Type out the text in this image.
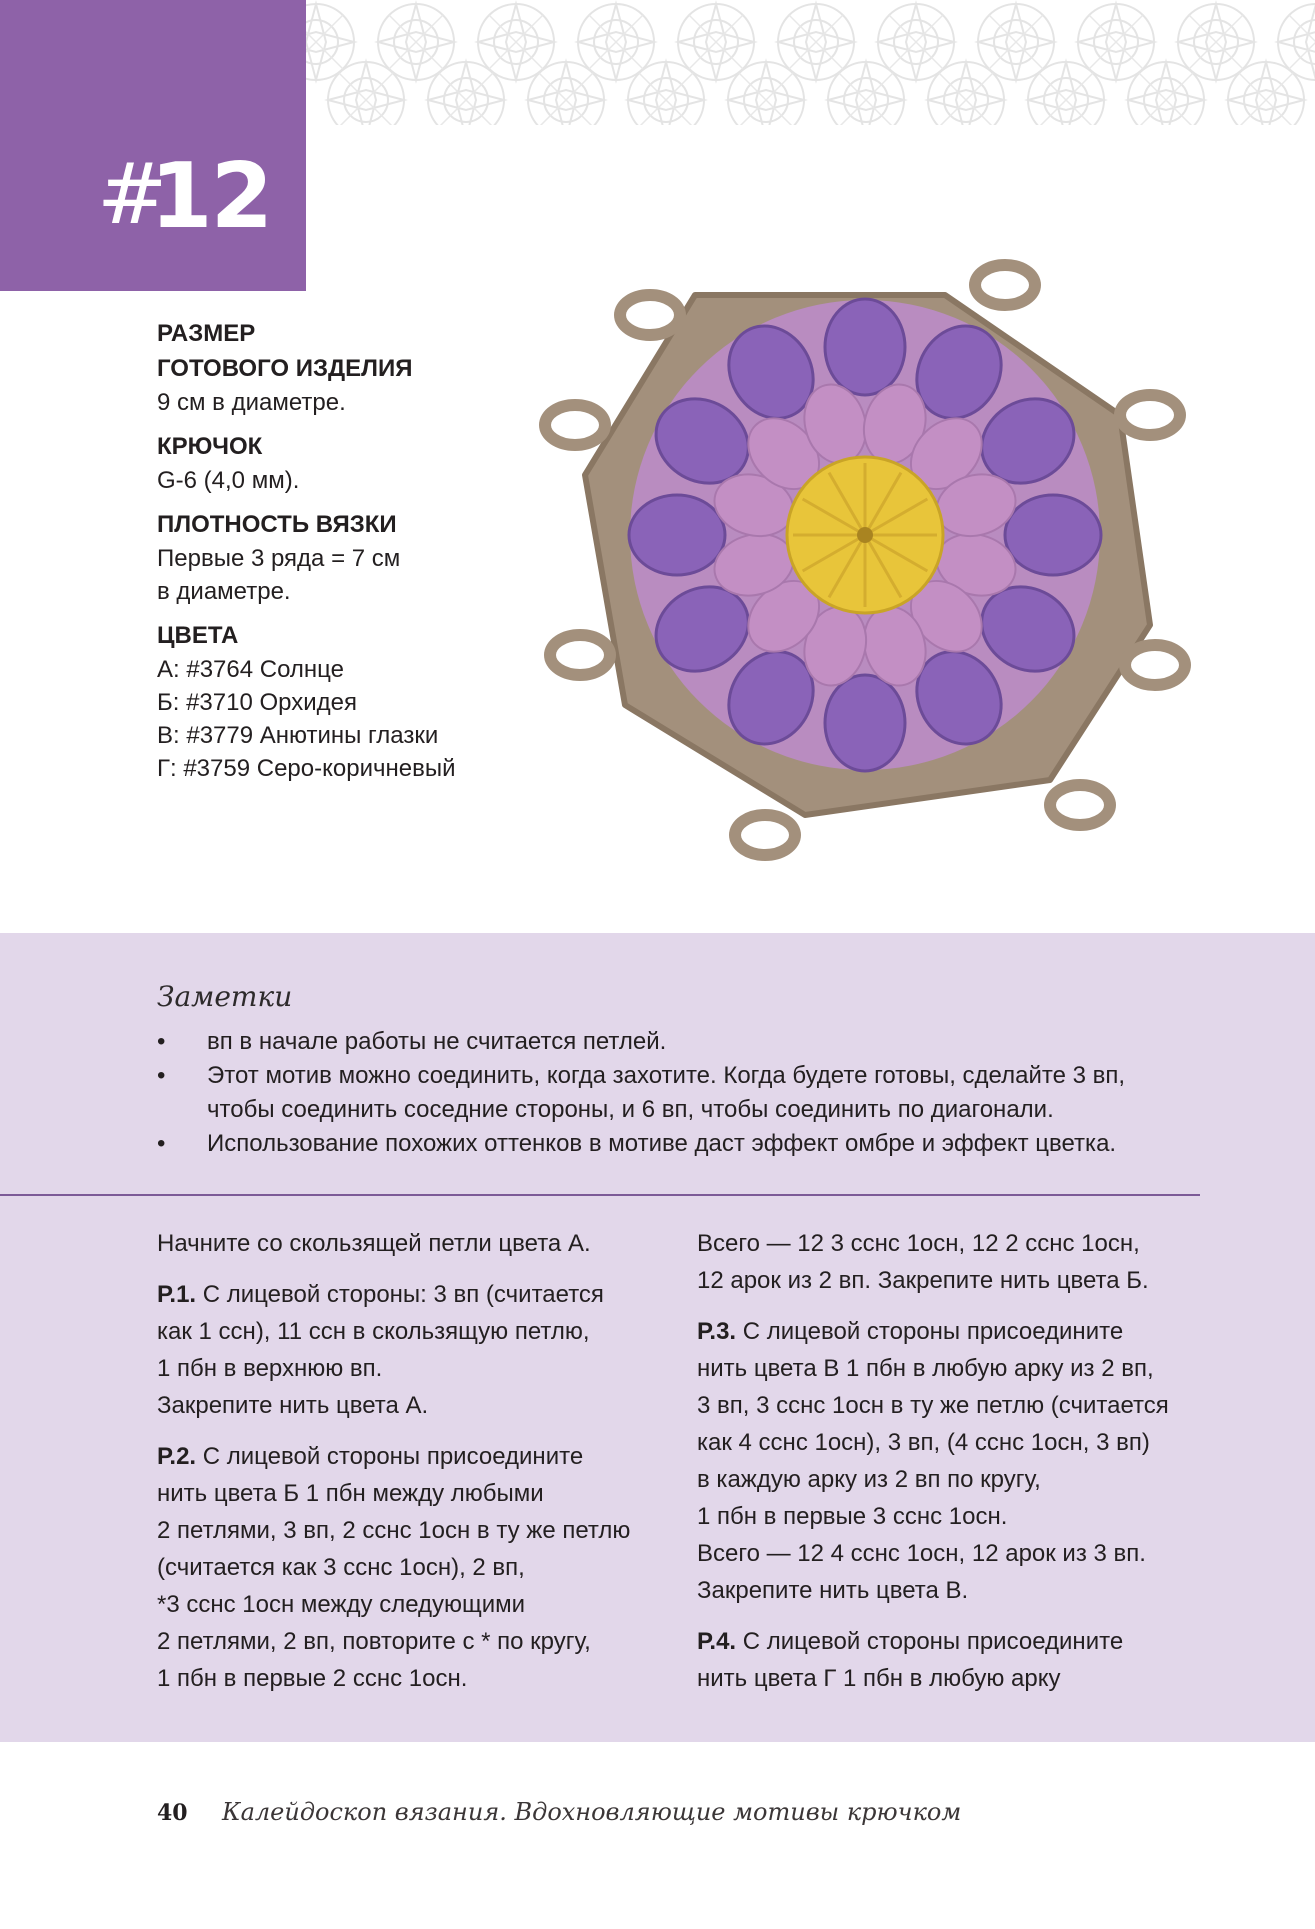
#
12
РАЗМЕР
ГОТОВОГО ИЗДЕЛИЯ

9 см в диаметре.

КРЮЧОК

G-6 (4,0 мм).

ПЛОТНОСТЬ ВЯЗКИ

Первые 3 ряда = 7 см
в диаметре.

ЦВЕТА
А: #3764 Солнце
Б: #3710 Орхидея
В: #3779 Анютины глазки
Г: #3759 Серо-коричневый
Заметки
• вп в начале работы не считается петлей.
• Этот мотив можно соединить, когда захотите. Когда будете готовы, сделайте 3 вп,
чтобы соединить соседние стороны, и 6 вп, чтобы соединить по диагонали.
• Использование похожих оттенков в мотиве даст эффект омбре и эффект цветка.

Начните со скользящей петли цвета А.

Р.1. С лицевой стороны: 3 вп (считается
как 1 ссн), 11 ссн в скользящую петлю,
1 пбн в верхнюю вп.
Закрепите нить цвета А.

Р.2. С лицевой стороны присоедините
нить цвета Б 1 пбн между любыми
2 петлями, 3 вп, 2 сснс 1осн в ту же петлю
(считается как 3 сснс 1осн), 2 вп,
*3 сснс 1осн между следующими
2 петлями, 2 вп, повторите с * по кругу,
1 пбн в первые 2 сснс 1осн.

Всего — 12 3 сснс 1осн, 12 2 сснс 1осн,
12 арок из 2 вп. Закрепите нить цвета Б.

Р.3. С лицевой стороны присоедините
нить цвета В 1 пбн в любую арку из 2 вп,
3 вп, 3 сснс 1осн в ту же петлю (считается
как 4 сснс 1осн), 3 вп, (4 сснс 1осн, 3 вп)
в каждую арку из 2 вп по кругу,
1 пбн в первые 3 сснс 1осн.
Всего — 12 4 сснс 1осн, 12 арок из 3 вп.
Закрепите нить цвета В.

Р.4. С лицевой стороны присоедините
нить цвета Г 1 пбн в любую арку

40 Калейдоскоп вязания. Вдохновляющие мотивы крючком
